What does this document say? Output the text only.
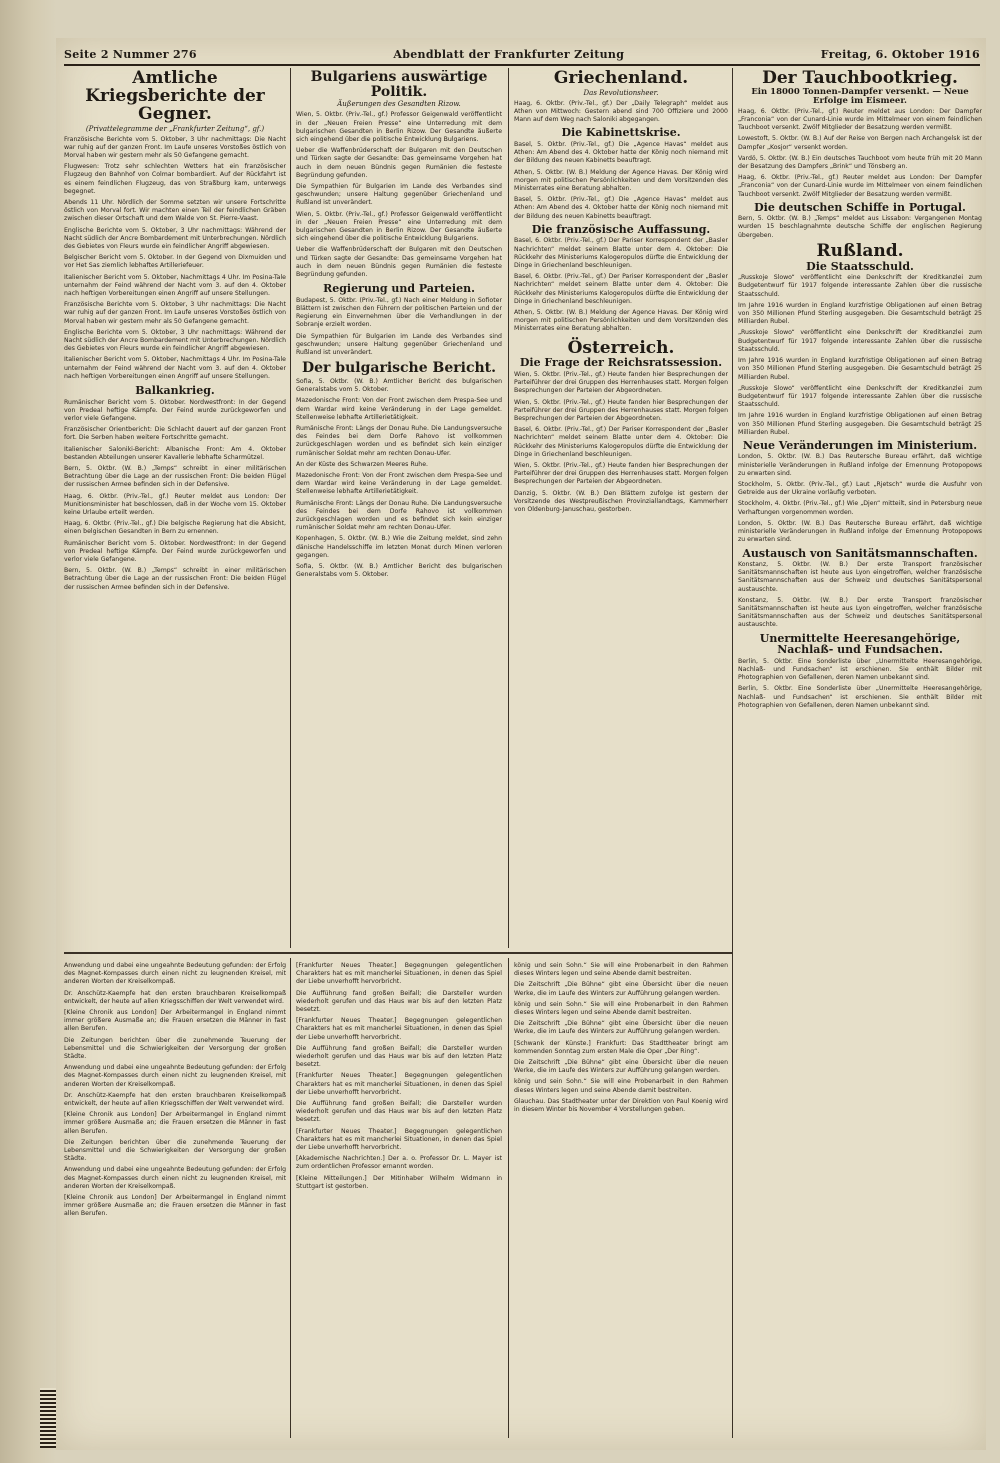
Seite 2 Nummer 276	Abendblatt der Frankfurter Zeitung	Freitag, 6. Oktober 1916
Amtliche Kriegsberichte der Gegner.
(Privattelegramme der „Frankfurter Zeitung“, gf.)

Französische Berichte vom 5. Oktober, 3 Uhr nachmittags: Die Nacht war ruhig auf der ganzen Front. Im Laufe unseres Vorstoßes östlich von Morval haben wir gestern mehr als 50 Gefangene gemacht.

Flugwesen: Trotz sehr schlechten Wetters hat ein französischer Flugzeug den Bahnhof von Colmar bombardiert. Auf der Rückfahrt ist es einem feindlichen Flugzeug, das von Straßburg kam, unterwegs begegnet.

Abends 11 Uhr. Nördlich der Somme setzten wir unsere Fortschritte östlich von Morval fort. Wir machten einen Teil der feindlichen Gräben zwischen dieser Ortschaft und dem Walde von St. Pierre-Vaast.

Englische Berichte vom 5. Oktober, 3 Uhr nachmittags: Während der Nacht südlich der Ancre Bombardement mit Unterbrechungen. Nördlich des Gebietes von Fleurs wurde ein feindlicher Angriff abgewiesen.

Belgischer Bericht vom 5. Oktober. In der Gegend von Dixmuiden und vor Het Sas ziemlich lebhaftes Artilleriefeuer.

Italienischer Bericht vom 5. Oktober, Nachmittags 4 Uhr. Im Posina-Tale unternahm der Feind während der Nacht vom 3. auf den 4. Oktober nach heftigen Vorbereitungen einen Angriff auf unsere Stellungen.

Französische Berichte vom 5. Oktober, 3 Uhr nachmittags: Die Nacht war ruhig auf der ganzen Front. Im Laufe unseres Vorstoßes östlich von Morval haben wir gestern mehr als 50 Gefangene gemacht.

Englische Berichte vom 5. Oktober, 3 Uhr nachmittags: Während der Nacht südlich der Ancre Bombardement mit Unterbrechungen. Nördlich des Gebietes von Fleurs wurde ein feindlicher Angriff abgewiesen.

Italienischer Bericht vom 5. Oktober, Nachmittags 4 Uhr. Im Posina-Tale unternahm der Feind während der Nacht vom 3. auf den 4. Oktober nach heftigen Vorbereitungen einen Angriff auf unsere Stellungen.

Balkankrieg.

Rumänischer Bericht vom 5. Oktober. Nordwestfront: In der Gegend von Predeal heftige Kämpfe. Der Feind wurde zurückgeworfen und verlor viele Gefangene.

Französischer Orientbericht: Die Schlacht dauert auf der ganzen Front fort. Die Serben haben weitere Fortschritte gemacht.

Italienischer Saloniki-Bericht: Albanische Front: Am 4. Oktober bestanden Abteilungen unserer Kavallerie lebhafte Scharmützel.

Bern, 5. Oktbr. (W. B.) „Temps“ schreibt in einer militärischen Betrachtung über die Lage an der russischen Front: Die beiden Flügel der russischen Armee befinden sich in der Defensive.

Haag, 6. Oktbr. (Priv.-Tel., gf.) Reuter meldet aus London: Der Munitionsminister hat beschlossen, daß in der Woche vom 15. Oktober keine Urlaube erteilt werden.

Haag, 6. Oktbr. (Priv.-Tel., gf.) Die belgische Regierung hat die Absicht, einen belgischen Gesandten in Bern zu ernennen.

Rumänischer Bericht vom 5. Oktober. Nordwestfront: In der Gegend von Predeal heftige Kämpfe. Der Feind wurde zurückgeworfen und verlor viele Gefangene.

Bern, 5. Oktbr. (W. B.) „Temps“ schreibt in einer militärischen Betrachtung über die Lage an der russischen Front: Die beiden Flügel der russischen Armee befinden sich in der Defensive.

Bulgariens auswärtige Politik.
Äußerungen des Gesandten Rizow.

Wien, 5. Oktbr. (Priv.-Tel., gf.) Professor Geigenwald veröffentlicht in der „Neuen Freien Presse“ eine Unterredung mit dem bulgarischen Gesandten in Berlin Rizow. Der Gesandte äußerte sich eingehend über die politische Entwicklung Bulgariens.

Ueber die Waffenbrüderschaft der Bulgaren mit den Deutschen und Türken sagte der Gesandte: Das gemeinsame Vorgehen hat auch in dem neuen Bündnis gegen Rumänien die festeste Begründung gefunden.

Die Sympathien für Bulgarien im Lande des Verbandes sind geschwunden; unsere Haltung gegenüber Griechenland und Rußland ist unverändert.

Wien, 5. Oktbr. (Priv.-Tel., gf.) Professor Geigenwald veröffentlicht in der „Neuen Freien Presse“ eine Unterredung mit dem bulgarischen Gesandten in Berlin Rizow. Der Gesandte äußerte sich eingehend über die politische Entwicklung Bulgariens.

Ueber die Waffenbrüderschaft der Bulgaren mit den Deutschen und Türken sagte der Gesandte: Das gemeinsame Vorgehen hat auch in dem neuen Bündnis gegen Rumänien die festeste Begründung gefunden.

Regierung und Parteien.

Budapest, 5. Oktbr. (Priv.-Tel., gf.) Nach einer Meldung in Sofioter Blättern ist zwischen den Führern der politischen Parteien und der Regierung ein Einvernehmen über die Verhandlungen in der Sobranje erzielt worden.

Die Sympathien für Bulgarien im Lande des Verbandes sind geschwunden; unsere Haltung gegenüber Griechenland und Rußland ist unverändert.

Der bulgarische Bericht.

Sofia, 5. Oktbr. (W. B.) Amtlicher Bericht des bulgarischen Generalstabs vom 5. Oktober.

Mazedonische Front: Von der Front zwischen dem Prespa-See und dem Wardar wird keine Veränderung in der Lage gemeldet. Stellenweise lebhafte Artillerietätigkeit.

Rumänische Front: Längs der Donau Ruhe. Die Landungsversuche des Feindes bei dem Dorfe Rahovo ist vollkommen zurückgeschlagen worden und es befindet sich kein einziger rumänischer Soldat mehr am rechten Donau-Ufer.

An der Küste des Schwarzen Meeres Ruhe.

Mazedonische Front: Von der Front zwischen dem Prespa-See und dem Wardar wird keine Veränderung in der Lage gemeldet. Stellenweise lebhafte Artillerietätigkeit.

Rumänische Front: Längs der Donau Ruhe. Die Landungsversuche des Feindes bei dem Dorfe Rahovo ist vollkommen zurückgeschlagen worden und es befindet sich kein einziger rumänischer Soldat mehr am rechten Donau-Ufer.

Kopenhagen, 5. Oktbr. (W. B.) Wie die Zeitung meldet, sind zehn dänische Handelsschiffe im letzten Monat durch Minen verloren gegangen.

Sofia, 5. Oktbr. (W. B.) Amtlicher Bericht des bulgarischen Generalstabs vom 5. Oktober.

Griechenland.
Das Revolutionsheer.

Haag, 6. Oktbr. (Priv.-Tel., gf.) Der „Daily Telegraph“ meldet aus Athen von Mittwoch: Gestern abend sind 700 Offiziere und 2000 Mann auf dem Weg nach Saloniki abgegangen.

Die Kabinettskrise.

Basel, 5. Oktbr. (Priv.-Tel., gf.) Die „Agence Havas“ meldet aus Athen: Am Abend des 4. Oktober hatte der König noch niemand mit der Bildung des neuen Kabinetts beauftragt.

Athen, 5. Oktbr. (W. B.) Meldung der Agence Havas. Der König wird morgen mit politischen Persönlichkeiten und dem Vorsitzenden des Ministerrates eine Beratung abhalten.

Basel, 5. Oktbr. (Priv.-Tel., gf.) Die „Agence Havas“ meldet aus Athen: Am Abend des 4. Oktober hatte der König noch niemand mit der Bildung des neuen Kabinetts beauftragt.

Die französische Auffassung.

Basel, 6. Oktbr. (Priv.-Tel., gf.) Der Pariser Korrespondent der „Basler Nachrichten“ meldet seinem Blatte unter dem 4. Oktober: Die Rückkehr des Ministeriums Kalogeropulos dürfte die Entwicklung der Dinge in Griechenland beschleunigen.

Basel, 6. Oktbr. (Priv.-Tel., gf.) Der Pariser Korrespondent der „Basler Nachrichten“ meldet seinem Blatte unter dem 4. Oktober: Die Rückkehr des Ministeriums Kalogeropulos dürfte die Entwicklung der Dinge in Griechenland beschleunigen.

Athen, 5. Oktbr. (W. B.) Meldung der Agence Havas. Der König wird morgen mit politischen Persönlichkeiten und dem Vorsitzenden des Ministerrates eine Beratung abhalten.

Österreich.
Die Frage der Reichsratssession.

Wien, 5. Oktbr. (Priv.-Tel., gf.) Heute fanden hier Besprechungen der Parteiführer der drei Gruppen des Herrenhauses statt. Morgen folgen Besprechungen der Parteien der Abgeordneten.

Wien, 5. Oktbr. (Priv.-Tel., gf.) Heute fanden hier Besprechungen der Parteiführer der drei Gruppen des Herrenhauses statt. Morgen folgen Besprechungen der Parteien der Abgeordneten.

Basel, 6. Oktbr. (Priv.-Tel., gf.) Der Pariser Korrespondent der „Basler Nachrichten“ meldet seinem Blatte unter dem 4. Oktober: Die Rückkehr des Ministeriums Kalogeropulos dürfte die Entwicklung der Dinge in Griechenland beschleunigen.

Wien, 5. Oktbr. (Priv.-Tel., gf.) Heute fanden hier Besprechungen der Parteiführer der drei Gruppen des Herrenhauses statt. Morgen folgen Besprechungen der Parteien der Abgeordneten.

Danzig, 5. Oktbr. (W. B.) Den Blättern zufolge ist gestern der Vorsitzende des Westpreußischen Provinziallandtags, Kammerherr von Oldenburg-Januschau, gestorben.

Der Tauchbootkrieg.
Ein 18000 Tonnen-Dampfer versenkt. — Neue Erfolge im Eismeer.

Haag, 6. Oktbr. (Priv.-Tel., gf.) Reuter meldet aus London: Der Dampfer „Franconia“ von der Cunard-Linie wurde im Mittelmeer von einem feindlichen Tauchboot versenkt. Zwölf Mitglieder der Besatzung werden vermißt.

Lowestoft, 5. Oktbr. (W. B.) Auf der Reise von Bergen nach Archangelsk ist der Dampfer „Kosjor“ versenkt worden.

Vardö, 5. Oktbr. (W. B.) Ein deutsches Tauchboot vom heute früh mit 20 Mann der Besatzung des Dampfers „Brink“ und Tönsberg an.

Haag, 6. Oktbr. (Priv.-Tel., gf.) Reuter meldet aus London: Der Dampfer „Franconia“ von der Cunard-Linie wurde im Mittelmeer von einem feindlichen Tauchboot versenkt. Zwölf Mitglieder der Besatzung werden vermißt.

Die deutschen Schiffe in Portugal.

Bern, 5. Oktbr. (W. B.) „Temps“ meldet aus Lissabon: Vergangenen Montag wurden 15 beschlagnahmte deutsche Schiffe der englischen Regierung übergeben.

Rußland.
Die Staatsschuld.

„Russkoje Slowo“ veröffentlicht eine Denkschrift der Kreditkanzlei zum Budgetentwurf für 1917 folgende interessante Zahlen über die russische Staatsschuld.

Im Jahre 1916 wurden in England kurzfristige Obligationen auf einen Betrag von 350 Millionen Pfund Sterling ausgegeben. Die Gesamtschuld beträgt 25 Milliarden Rubel.

„Russkoje Slowo“ veröffentlicht eine Denkschrift der Kreditkanzlei zum Budgetentwurf für 1917 folgende interessante Zahlen über die russische Staatsschuld.

Im Jahre 1916 wurden in England kurzfristige Obligationen auf einen Betrag von 350 Millionen Pfund Sterling ausgegeben. Die Gesamtschuld beträgt 25 Milliarden Rubel.

„Russkoje Slowo“ veröffentlicht eine Denkschrift der Kreditkanzlei zum Budgetentwurf für 1917 folgende interessante Zahlen über die russische Staatsschuld.

Im Jahre 1916 wurden in England kurzfristige Obligationen auf einen Betrag von 350 Millionen Pfund Sterling ausgegeben. Die Gesamtschuld beträgt 25 Milliarden Rubel.

Neue Veränderungen im Ministerium.

London, 5. Oktbr. (W. B.) Das Reutersche Bureau erfährt, daß wichtige ministerielle Veränderungen in Rußland infolge der Ernennung Protopopows zu erwarten sind.

Stockholm, 5. Oktbr. (Priv.-Tel., gf.) Laut „Rjetsch“ wurde die Ausfuhr von Getreide aus der Ukraine vorläufig verboten.

Stockholm, 4. Oktbr. (Priv.-Tel., gf.) Wie „Djen“ mitteilt, sind in Petersburg neue Verhaftungen vorgenommen worden.

London, 5. Oktbr. (W. B.) Das Reutersche Bureau erfährt, daß wichtige ministerielle Veränderungen in Rußland infolge der Ernennung Protopopows zu erwarten sind.

Austausch von Sanitätsmannschaften.

Konstanz, 5. Oktbr. (W. B.) Der erste Transport französischer Sanitätsmannschaften ist heute aus Lyon eingetroffen, welcher französische Sanitätsmannschaften aus der Schweiz und deutsches Sanitätspersonal austauschte.

Konstanz, 5. Oktbr. (W. B.) Der erste Transport französischer Sanitätsmannschaften ist heute aus Lyon eingetroffen, welcher französische Sanitätsmannschaften aus der Schweiz und deutsches Sanitätspersonal austauschte.

Unermittelte Heeresangehörige, Nachlaß- und Fundsachen.

Berlin, 5. Oktbr. Eine Sonderliste über „Unermittelte Heeresangehörige, Nachlaß- und Fundsachen“ ist erschienen. Sie enthält Bilder mit Photographien von Gefallenen, deren Namen unbekannt sind.

Berlin, 5. Oktbr. Eine Sonderliste über „Unermittelte Heeresangehörige, Nachlaß- und Fundsachen“ ist erschienen. Sie enthält Bilder mit Photographien von Gefallenen, deren Namen unbekannt sind.

Anwendung und dabei eine ungeahnte Bedeutung gefunden: der Erfolg des Magnet-Kompasses durch einen nicht zu leugnenden Kreisel, mit anderen Worten der Kreiselkompaß.

Dr. Anschütz-Kaempfe hat den ersten brauchbaren Kreiselkompaß entwickelt, der heute auf allen Kriegsschiffen der Welt verwendet wird.

[Kleine Chronik aus London] Der Arbeitermangel in England nimmt immer größere Ausmaße an; die Frauen ersetzen die Männer in fast allen Berufen.

Die Zeitungen berichten über die zunehmende Teuerung der Lebensmittel und die Schwierigkeiten der Versorgung der großen Städte.

Anwendung und dabei eine ungeahnte Bedeutung gefunden: der Erfolg des Magnet-Kompasses durch einen nicht zu leugnenden Kreisel, mit anderen Worten der Kreiselkompaß.

Dr. Anschütz-Kaempfe hat den ersten brauchbaren Kreiselkompaß entwickelt, der heute auf allen Kriegsschiffen der Welt verwendet wird.

[Kleine Chronik aus London] Der Arbeitermangel in England nimmt immer größere Ausmaße an; die Frauen ersetzen die Männer in fast allen Berufen.

Die Zeitungen berichten über die zunehmende Teuerung der Lebensmittel und die Schwierigkeiten der Versorgung der großen Städte.

Anwendung und dabei eine ungeahnte Bedeutung gefunden: der Erfolg des Magnet-Kompasses durch einen nicht zu leugnenden Kreisel, mit anderen Worten der Kreiselkompaß.

[Kleine Chronik aus London] Der Arbeitermangel in England nimmt immer größere Ausmaße an; die Frauen ersetzen die Männer in fast allen Berufen.

[Frankfurter Neues Theater.] Begegnungen gelegentlichen Charakters hat es mit mancherlei Situationen, in denen das Spiel der Liebe unverhofft hervorbricht.

Die Aufführung fand großen Beifall; die Darsteller wurden wiederholt gerufen und das Haus war bis auf den letzten Platz besetzt.

[Frankfurter Neues Theater.] Begegnungen gelegentlichen Charakters hat es mit mancherlei Situationen, in denen das Spiel der Liebe unverhofft hervorbricht.

Die Aufführung fand großen Beifall; die Darsteller wurden wiederholt gerufen und das Haus war bis auf den letzten Platz besetzt.

[Frankfurter Neues Theater.] Begegnungen gelegentlichen Charakters hat es mit mancherlei Situationen, in denen das Spiel der Liebe unverhofft hervorbricht.

Die Aufführung fand großen Beifall; die Darsteller wurden wiederholt gerufen und das Haus war bis auf den letzten Platz besetzt.

[Frankfurter Neues Theater.] Begegnungen gelegentlichen Charakters hat es mit mancherlei Situationen, in denen das Spiel der Liebe unverhofft hervorbricht.

[Akademische Nachrichten.] Der a. o. Professor Dr. L. Mayer ist zum ordentlichen Professor ernannt worden.

[Kleine Mitteilungen.] Der Mitinhaber Wilhelm Widmann in Stuttgart ist gestorben.

könig und sein Sohn.“ Sie will eine Probenarbeit in den Rahmen dieses Winters legen und seine Abende damit bestreiten.

Die Zeitschrift „Die Bühne“ gibt eine Übersicht über die neuen Werke, die im Laufe des Winters zur Aufführung gelangen werden.

könig und sein Sohn.“ Sie will eine Probenarbeit in den Rahmen dieses Winters legen und seine Abende damit bestreiten.

Die Zeitschrift „Die Bühne“ gibt eine Übersicht über die neuen Werke, die im Laufe des Winters zur Aufführung gelangen werden.

[Schwank der Künste.] Frankfurt: Das Stadttheater bringt am kommenden Sonntag zum ersten Male die Oper „Der Ring“.

Die Zeitschrift „Die Bühne“ gibt eine Übersicht über die neuen Werke, die im Laufe des Winters zur Aufführung gelangen werden.

könig und sein Sohn.“ Sie will eine Probenarbeit in den Rahmen dieses Winters legen und seine Abende damit bestreiten.

Glauchau. Das Stadtheater unter der Direktion von Paul Koenig wird in diesem Winter bis November 4 Vorstellungen geben.
